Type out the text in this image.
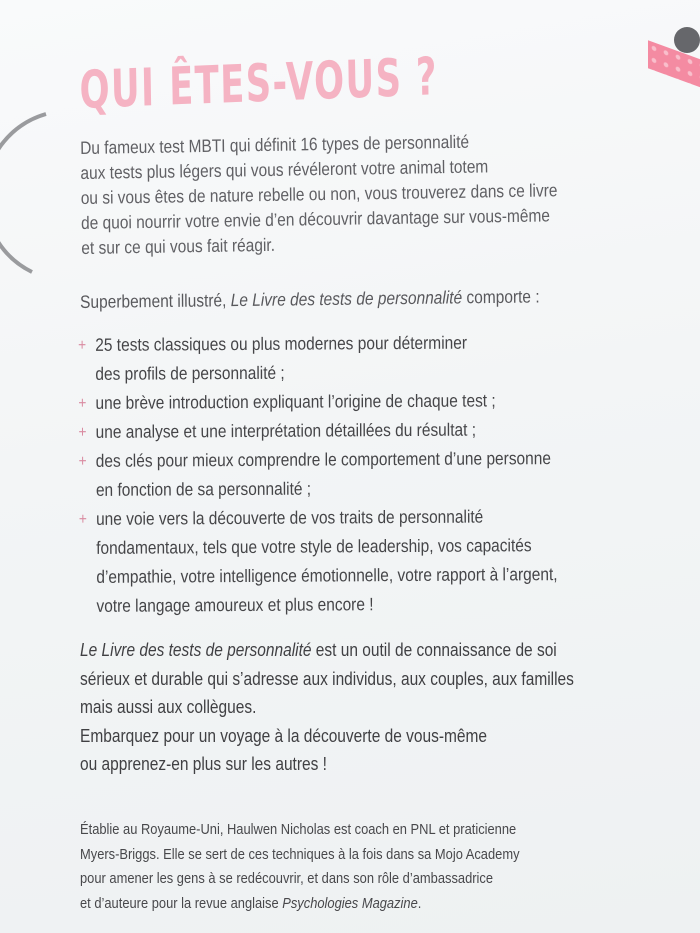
QUI ÊTES-VOUS ?
Du fameux test MBTI qui définit 16 types de personnalité
aux tests plus légers qui vous révéleront votre animal totem
ou si vous êtes de nature rebelle ou non, vous trouverez dans ce livre
de quoi nourrir votre envie d’en découvrir davantage sur vous-même
et sur ce qui vous fait réagir.
Superbement illustré, Le Livre des tests de personnalité comporte :
+ 25 tests classiques ou plus modernes pour déterminer
des profils de personnalité ;
+ une brève introduction expliquant l’origine de chaque test ;
+ une analyse et une interprétation détaillées du résultat ;
+ des clés pour mieux comprendre le comportement d’une personne
en fonction de sa personnalité ;
+ une voie vers la découverte de vos traits de personnalité
fondamentaux, tels que votre style de leadership, vos capacités
d’empathie, votre intelligence émotionnelle, votre rapport à l’argent,
votre langage amoureux et plus encore !
Le Livre des tests de personnalité est un outil de connaissance de soi
sérieux et durable qui s’adresse aux individus, aux couples, aux familles
mais aussi aux collègues.
Embarquez pour un voyage à la découverte de vous-même
ou apprenez-en plus sur les autres !
Établie au Royaume-Uni, Haulwen Nicholas est coach en PNL et praticienne
Myers-Briggs. Elle se sert de ces techniques à la fois dans sa Mojo Academy
pour amener les gens à se redécouvrir, et dans son rôle d’ambassadrice
et d’auteure pour la revue anglaise Psychologies Magazine.
